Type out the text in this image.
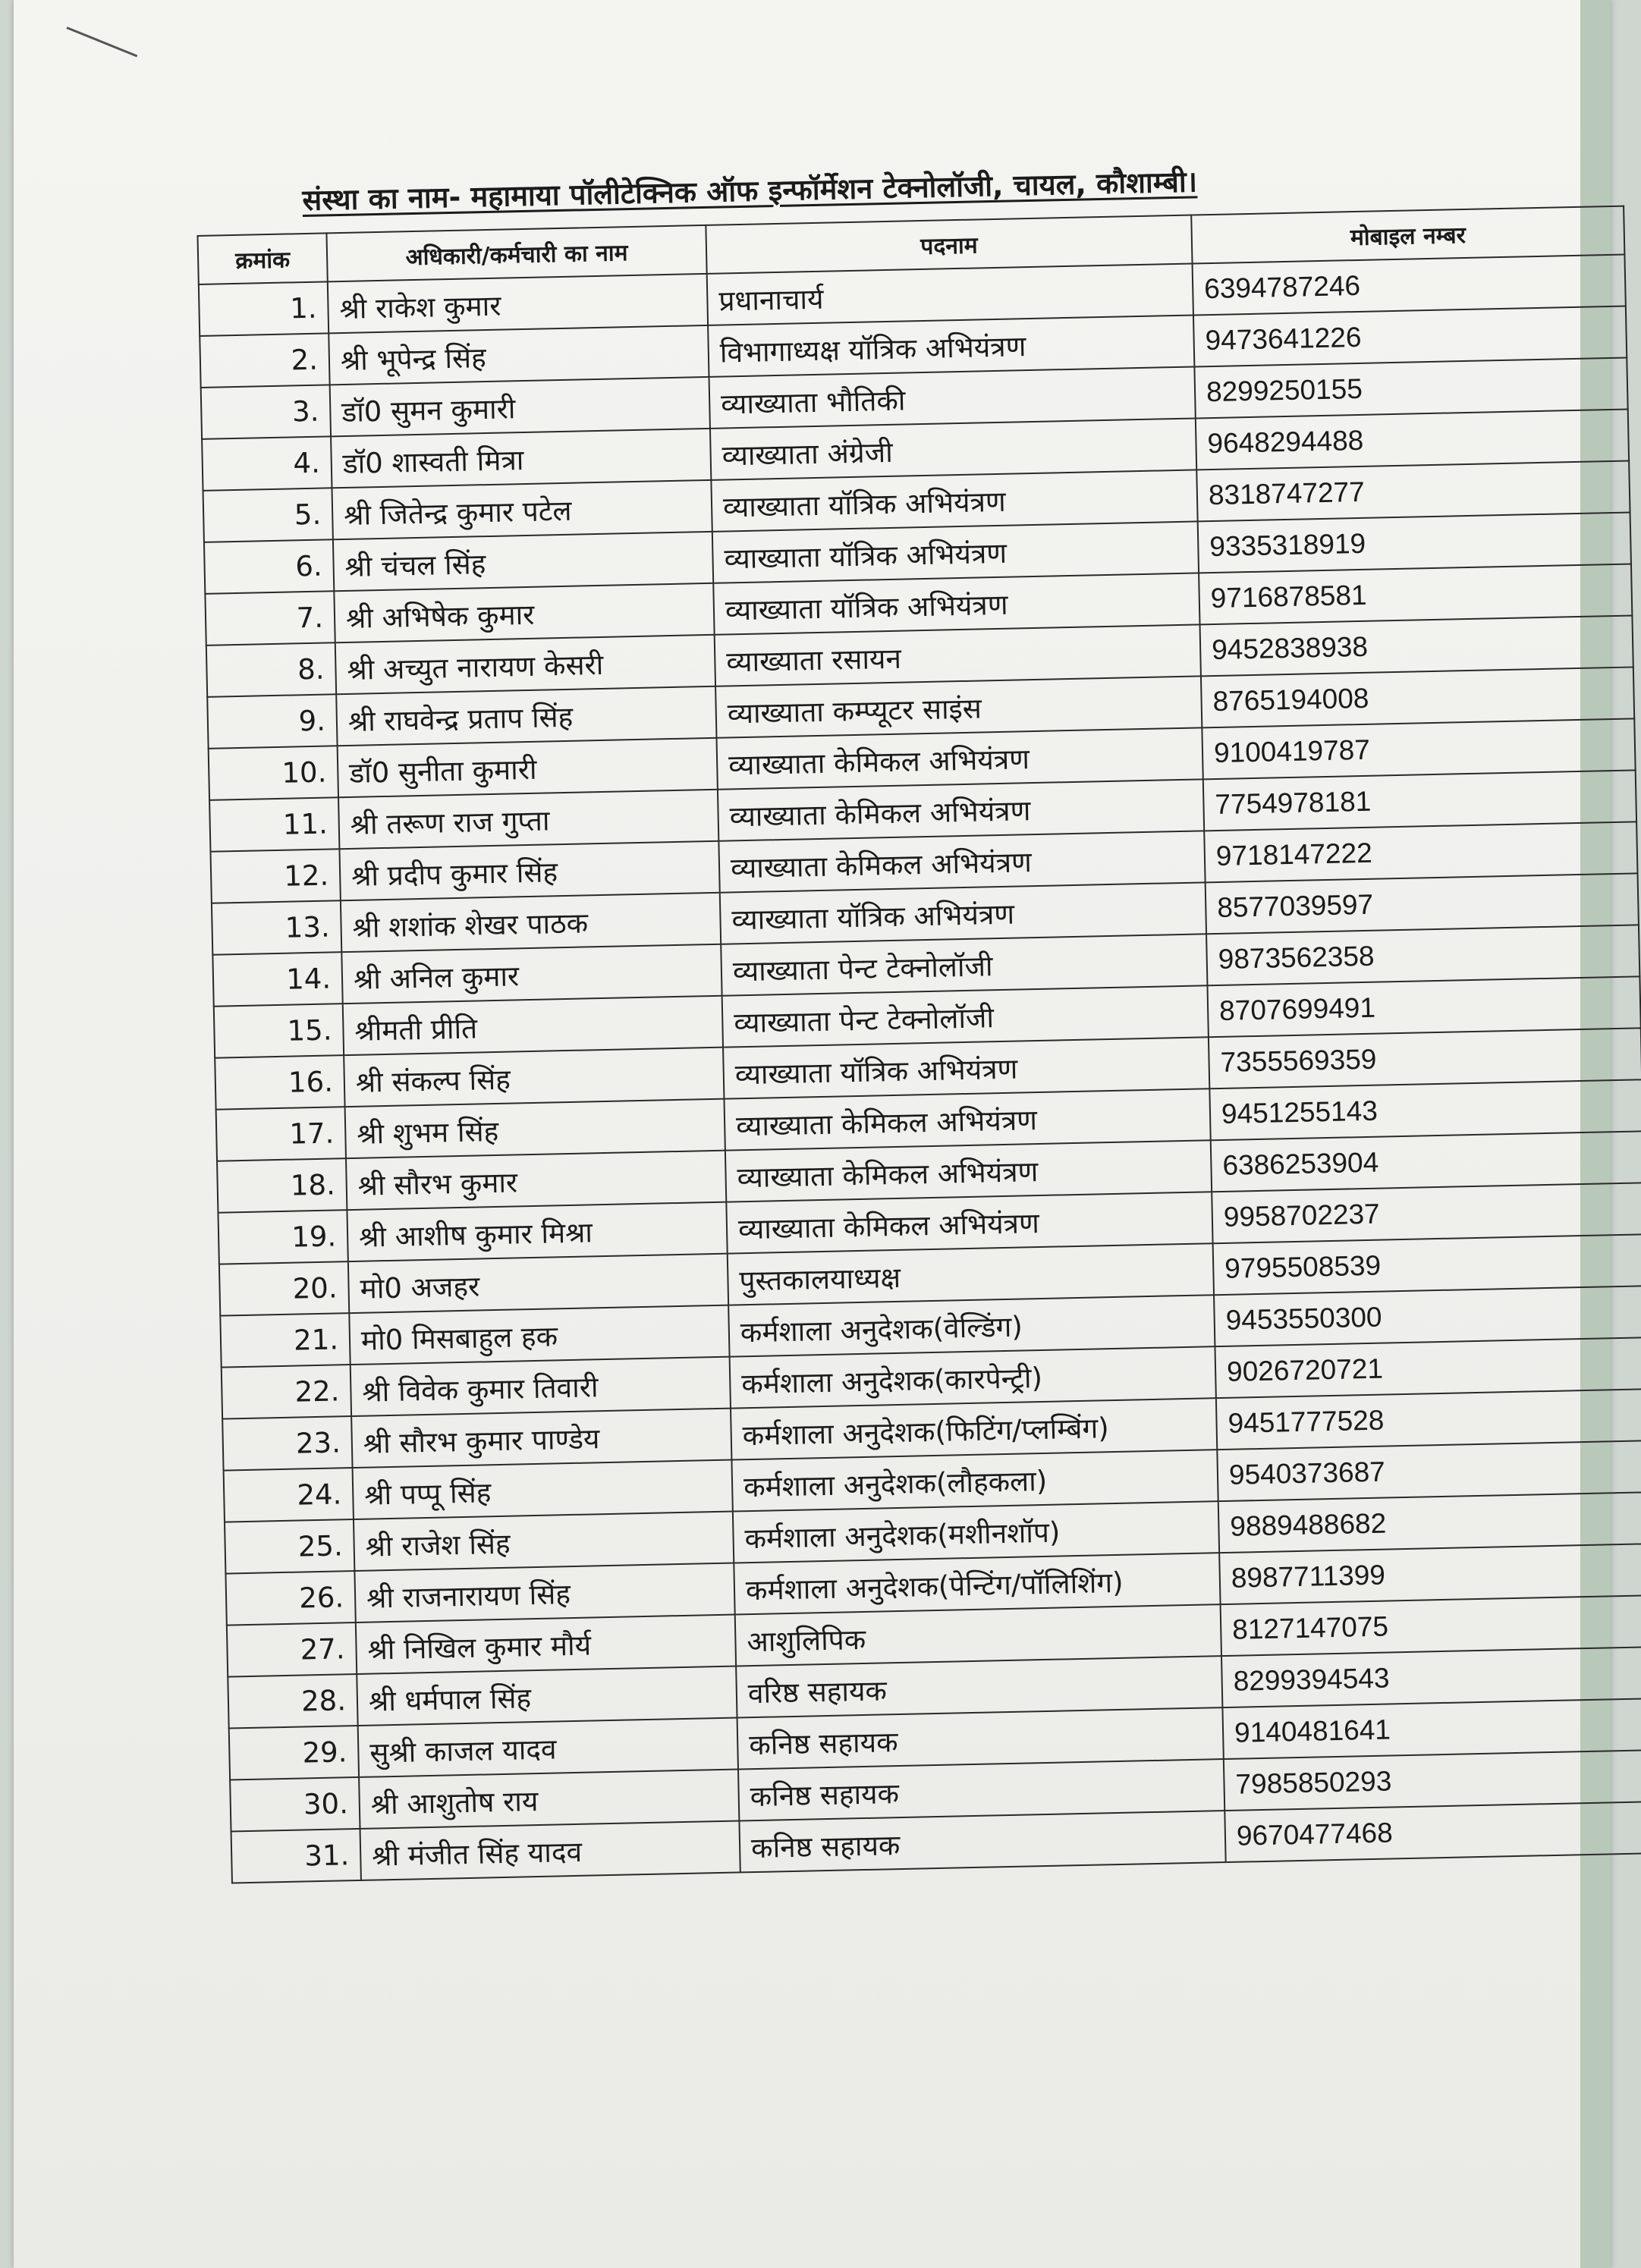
संस्था का नाम- महामाया पॉलीटेक्निक ऑफ इन्फॉर्मेशन टेक्नोलॉजी, चायल, कौशाम्बी।
क्रमांक	अधिकारी/कर्मचारी का नाम	पदनाम	मोबाइल नम्बर
1.	श्री राकेश कुमार	प्रधानाचार्य	6394787246
2.	श्री भूपेन्द्र सिंह	विभागाध्यक्ष यॉत्रिक अभियंत्रण	9473641226
3.	डॉ0 सुमन कुमारी	व्याख्याता भौतिकी	8299250155
4.	डॉ0 शास्वती मित्रा	व्याख्याता अंग्रेजी	9648294488
5.	श्री जितेन्द्र कुमार पटेल	व्याख्याता यॉत्रिक अभियंत्रण	8318747277
6.	श्री चंचल सिंह	व्याख्याता यॉत्रिक अभियंत्रण	9335318919
7.	श्री अभिषेक कुमार	व्याख्याता यॉत्रिक अभियंत्रण	9716878581
8.	श्री अच्युत नारायण केसरी	व्याख्याता रसायन	9452838938
9.	श्री राघवेन्द्र प्रताप सिंह	व्याख्याता कम्प्यूटर साइंस	8765194008
10.	डॉ0 सुनीता कुमारी	व्याख्याता केमिकल अभियंत्रण	9100419787
11.	श्री तरूण राज गुप्ता	व्याख्याता केमिकल अभियंत्रण	7754978181
12.	श्री प्रदीप कुमार सिंह	व्याख्याता केमिकल अभियंत्रण	9718147222
13.	श्री शशांक शेखर पाठक	व्याख्याता यॉत्रिक अभियंत्रण	8577039597
14.	श्री अनिल कुमार	व्याख्याता पेन्ट टेक्नोलॉजी	9873562358
15.	श्रीमती प्रीति	व्याख्याता पेन्ट टेक्नोलॉजी	8707699491
16.	श्री संकल्प सिंह	व्याख्याता यॉत्रिक अभियंत्रण	7355569359
17.	श्री शुभम सिंह	व्याख्याता केमिकल अभियंत्रण	9451255143
18.	श्री सौरभ कुमार	व्याख्याता केमिकल अभियंत्रण	6386253904
19.	श्री आशीष कुमार मिश्रा	व्याख्याता केमिकल अभियंत्रण	9958702237
20.	मो0 अजहर	पुस्तकालयाध्यक्ष	9795508539
21.	मो0 मिसबाहुल हक	कर्मशाला अनुदेशक(वेल्डिंग)	9453550300
22.	श्री विवेक कुमार तिवारी	कर्मशाला अनुदेशक(कारपेन्ट्री)	9026720721
23.	श्री सौरभ कुमार पाण्डेय	कर्मशाला अनुदेशक(फिटिंग/प्लम्बिंग)	9451777528
24.	श्री पप्पू सिंह	कर्मशाला अनुदेशक(लौहकला)	9540373687
25.	श्री राजेश सिंह	कर्मशाला अनुदेशक(मशीनशॉप)	9889488682
26.	श्री राजनारायण सिंह	कर्मशाला अनुदेशक(पेन्टिंग/पॉलिशिंग)	8987711399
27.	श्री निखिल कुमार मौर्य	आशुलिपिक	8127147075
28.	श्री धर्मपाल सिंह	वरिष्ठ सहायक	8299394543
29.	सुश्री काजल यादव	कनिष्ठ सहायक	9140481641
30.	श्री आशुतोष राय	कनिष्ठ सहायक	7985850293
31.	श्री मंजीत सिंह यादव	कनिष्ठ सहायक	9670477468
